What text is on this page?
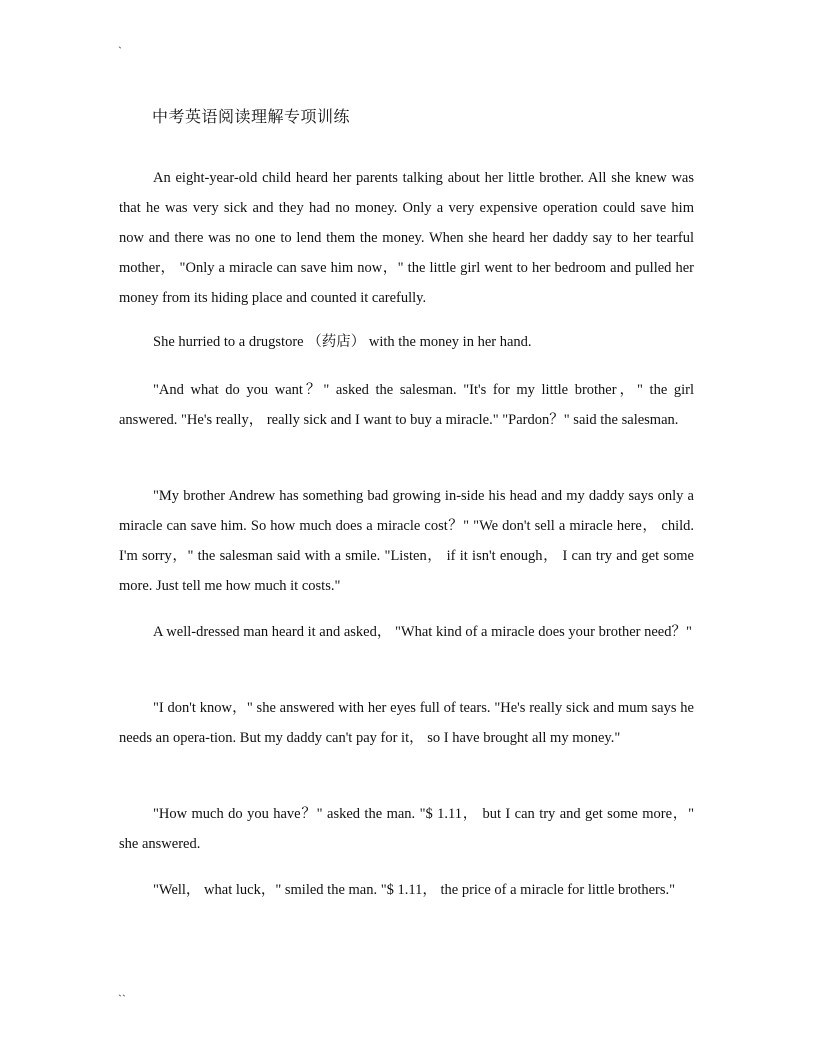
`
中考英语阅读理解专项训练

An eight-year-old child heard her parents talking about her little brother. All she knew was that he was very sick and they had no money. Only a very expensive operation could save him now and there was no one to lend them the money. When she heard her daddy say to her tearful mother， "Only a miracle can save him now，" the little girl went to her bedroom and pulled her money from its hiding place and counted it carefully.

She hurried to a drugstore （药店） with the money in her hand.

"And what do you want？" asked the salesman. "It's for my little brother，" the girl answered. "He's really， really sick and I want to buy a miracle." "Pardon？" said the salesman.

"My brother Andrew has something bad growing in-side his head and my daddy says only a miracle can save him. So how much does a miracle cost？" "We don't sell a miracle here， child. I'm sorry，" the salesman said with a smile. "Listen， if it isn't enough， I can try and get some more. Just tell me how much it costs."

A well-dressed man heard it and asked， "What kind of a miracle does your brother need？"

"I don't know，" she answered with her eyes full of tears. "He's really sick and mum says he needs an opera-tion. But my daddy can't pay for it， so I have brought all my money."

"How much do you have？" asked the man. "$ 1.11， but I can try and get some more，" she answered.

"Well， what luck，" smiled the man. "$ 1.11， the price of a miracle for little brothers."

``
